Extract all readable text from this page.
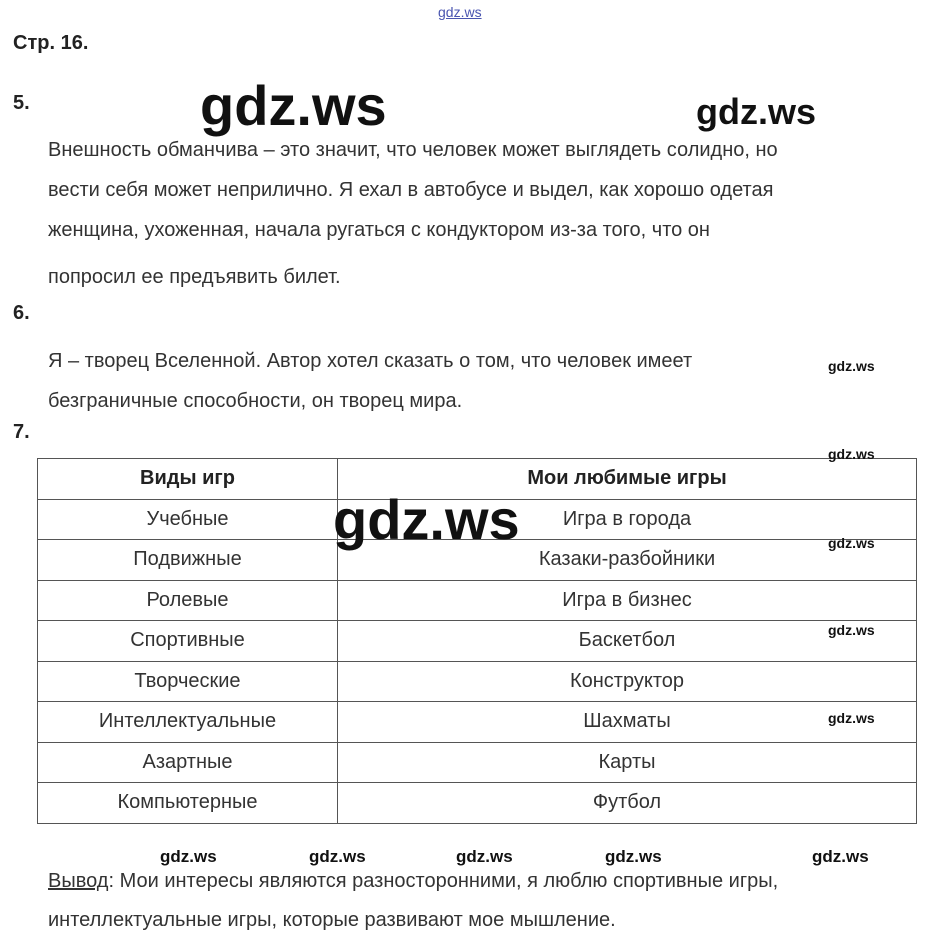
gdz.ws
gdz.ws	gdz.ws
Стр. 16.
5.
Внешность обманчива – это значит, что человек может выглядеть солидно, но
вести себя может неприлично. Я ехал в автобусе и выдел, как хорошо одетая
женщина, ухоженная, начала ругаться с кондуктором из-за того, что он
попросил ее предъявить билет.
6.
Я – творец Вселенной. Автор хотел сказать о том, что человек имеет
безграничные способности, он творец мира.
gdz.ws
7.
Виды игр	Мои любимые игры
Учебные	Игра в города
Подвижные	Казаки-разбойники
Ролевые	Игра в бизнес
Спортивные	Баскетбол
Творческие	Конструктор
Интеллектуальные	Шахматы
Азартные	Карты
Компьютерные	Футбол
gdz.ws
gdz.ws
gdz.ws
gdz.ws
gdz.ws
gdz.ws	gdz.ws	gdz.ws	gdz.ws	gdz.ws
Вывод: Мои интересы являются разносторонними, я люблю спортивные игры,
интеллектуальные игры, которые развивают мое мышление.
